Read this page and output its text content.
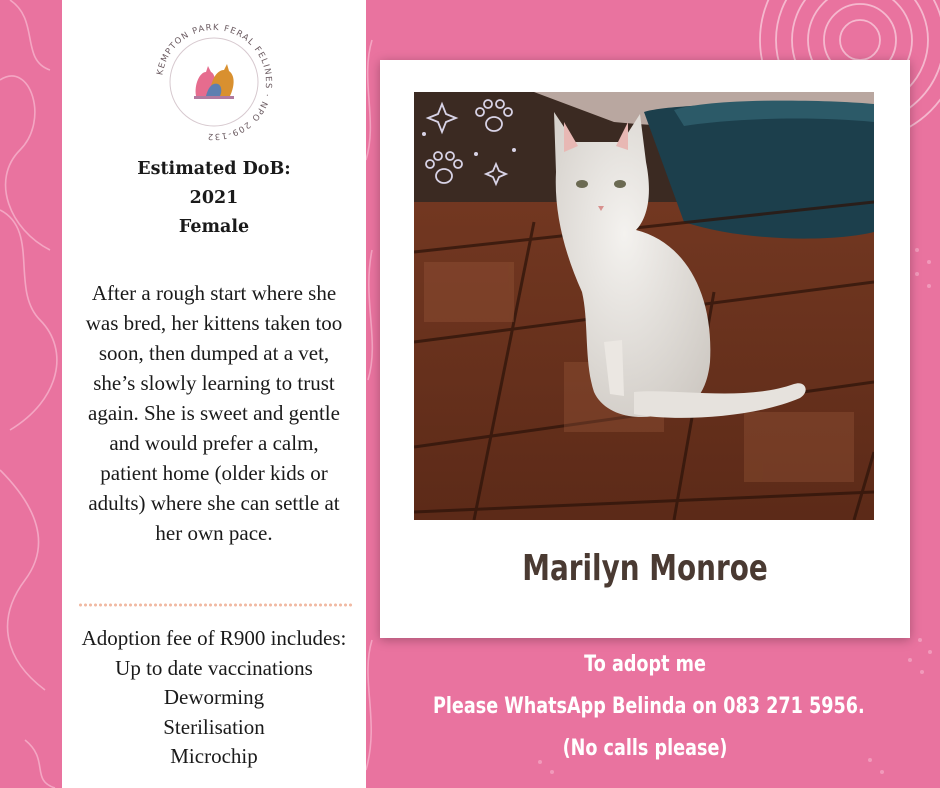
KEMPTON PARK FERAL FELINES · NPO 209-132
Estimated DoB:
2021
Female
After a rough start where she
was bred, her kittens taken too
soon, then dumped at a vet,
she’s slowly learning to trust
again. She is sweet and gentle
and would prefer a calm,
patient home (older kids or
adults) where she can settle at
her own pace.
Adoption fee of R900 includes:
Up to date vaccinations
Deworming
Sterilisation
Microchip
Marilyn Monroe
To adopt me
Please WhatsApp Belinda on 083 271 5956.
(No calls please)
